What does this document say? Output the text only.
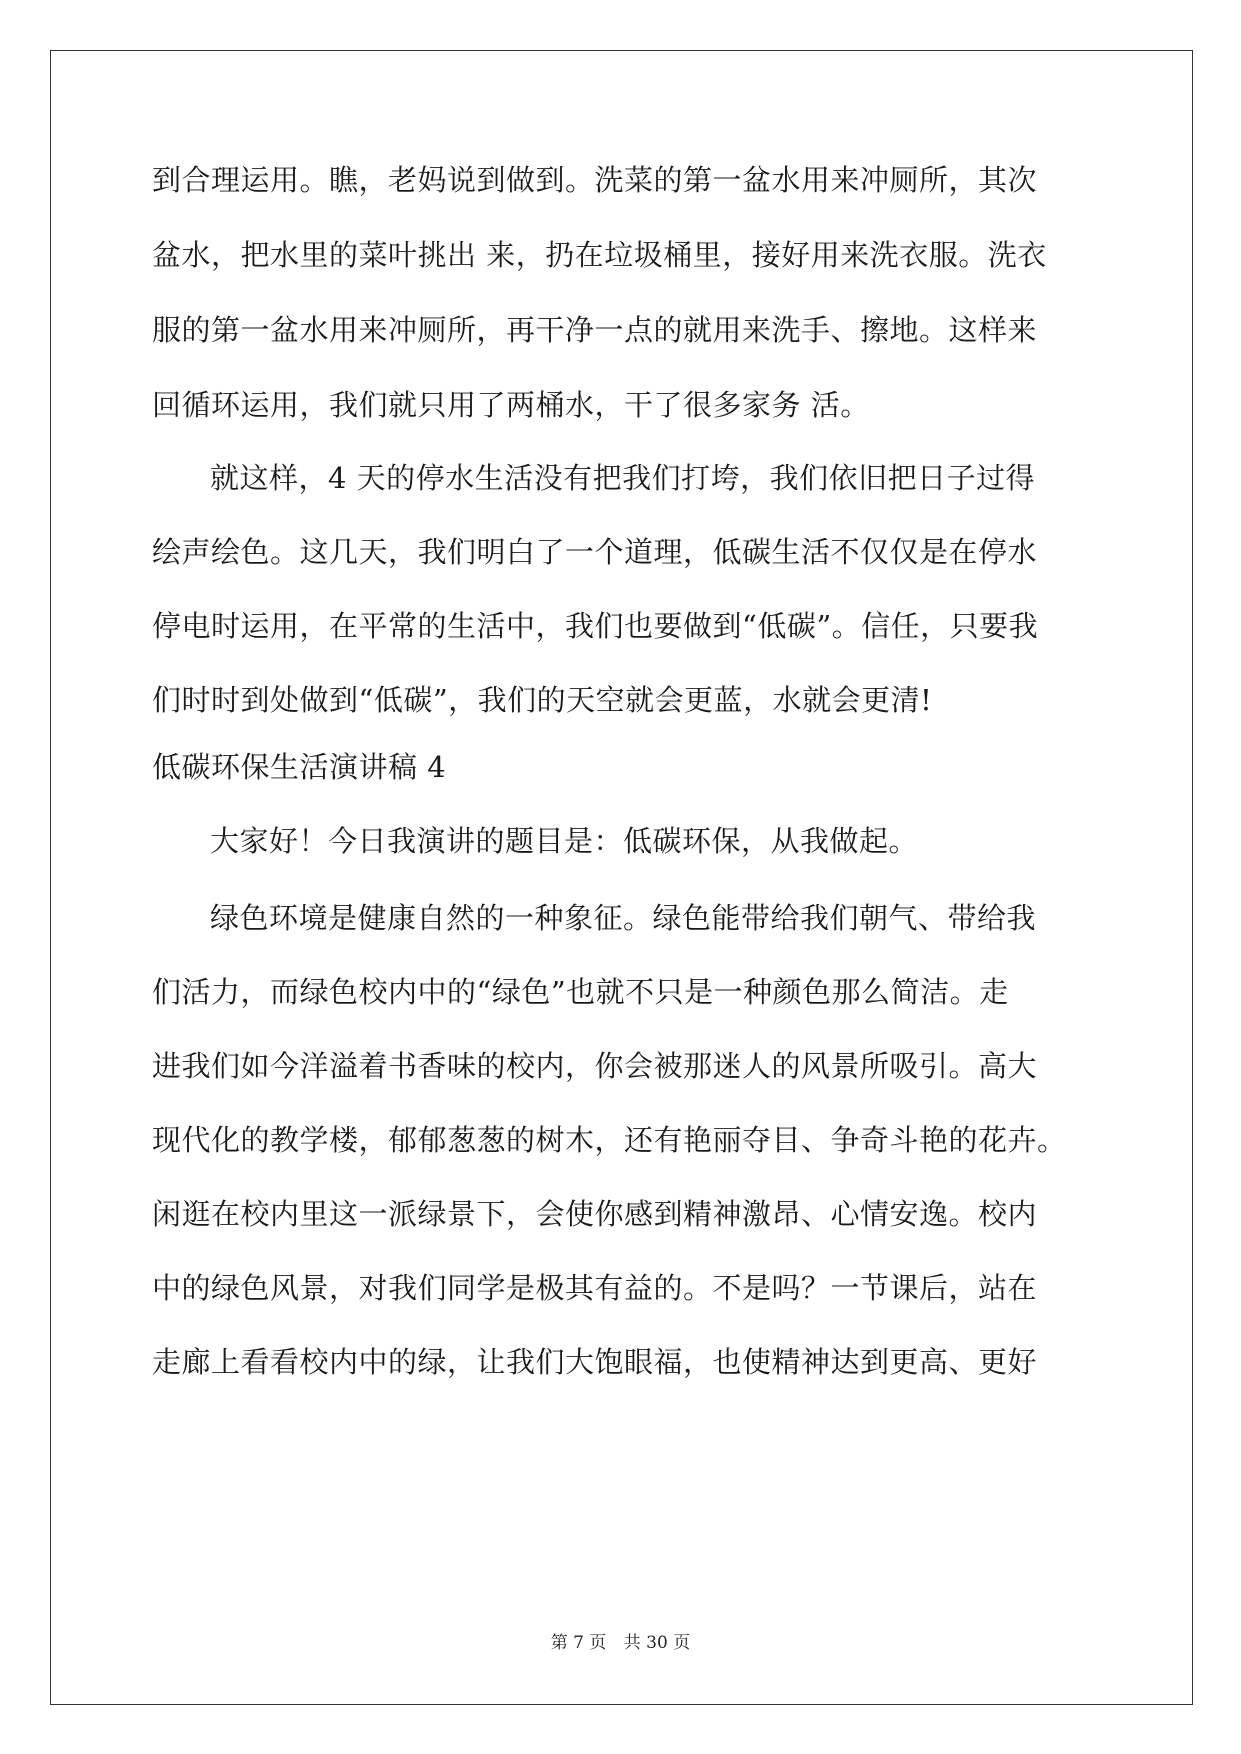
到合理运用。瞧，老妈说到做到。洗菜的第一盆水用来冲厕所，其次
盆水，把水里的菜叶挑出 来，扔在垃圾桶里，接好用来洗衣服。洗衣
服的第一盆水用来冲厕所，再干净一点的就用来洗手、擦地。这样来
回循环运用，我们就只用了两桶水，干了很多家务 活。
就这样，4 天的停水生活没有把我们打垮，我们依旧把日子过得
绘声绘色。这几天，我们明白了一个道理，低碳生活不仅仅是在停水
停电时运用，在平常的生活中，我们也要做到“低碳”。信任，只要我
们时时到处做到“低碳”，我们的天空就会更蓝，水就会更清!
低碳环保生活演讲稿 4
大家好！今日我演讲的题目是：低碳环保，从我做起。
绿色环境是健康自然的一种象征。绿色能带给我们朝气、带给我
们活力，而绿色校内中的“绿色”也就不只是一种颜色那么简洁。走
进我们如今洋溢着书香味的校内，你会被那迷人的风景所吸引。高大
现代化的教学楼，郁郁葱葱的树木，还有艳丽夺目、争奇斗艳的花卉。
闲逛在校内里这一派绿景下，会使你感到精神激昂、心情安逸。校内
中的绿色风景，对我们同学是极其有益的。不是吗？一节课后，站在
走廊上看看校内中的绿，让我们大饱眼福，也使精神达到更高、更好
第 7 页 共 30 页
